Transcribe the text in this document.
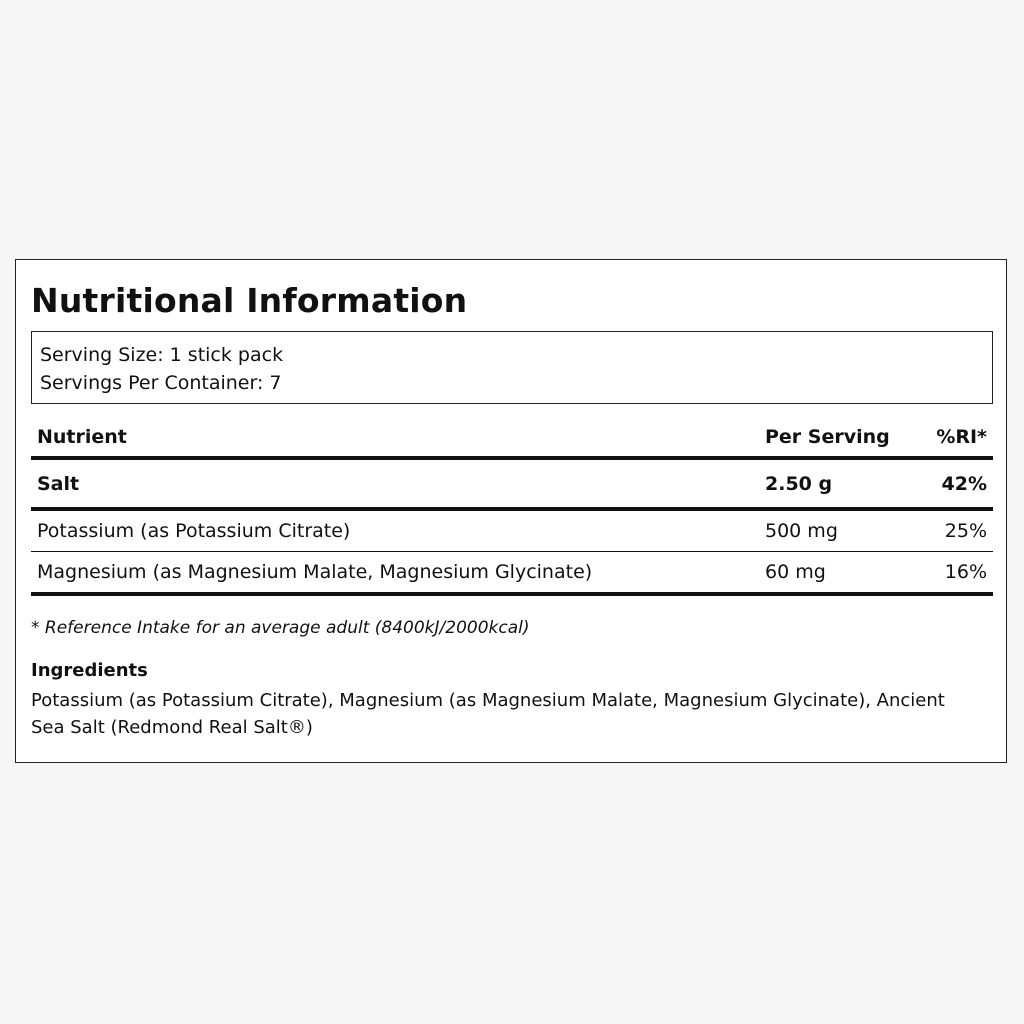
Nutritional Information
Serving Size: 1 stick pack
Servings Per Container: 7
Nutrient	Per Serving	%RI*
Salt	2.50 g	42%
Potassium (as Potassium Citrate)	500 mg	25%
Magnesium (as Magnesium Malate, Magnesium Glycinate)	60 mg	16%
* Reference Intake for an average adult (8400kJ/2000kcal)
Ingredients
Potassium (as Potassium Citrate), Magnesium (as Magnesium Malate, Magnesium Glycinate), Ancient Sea Salt (Redmond Real Salt®)
